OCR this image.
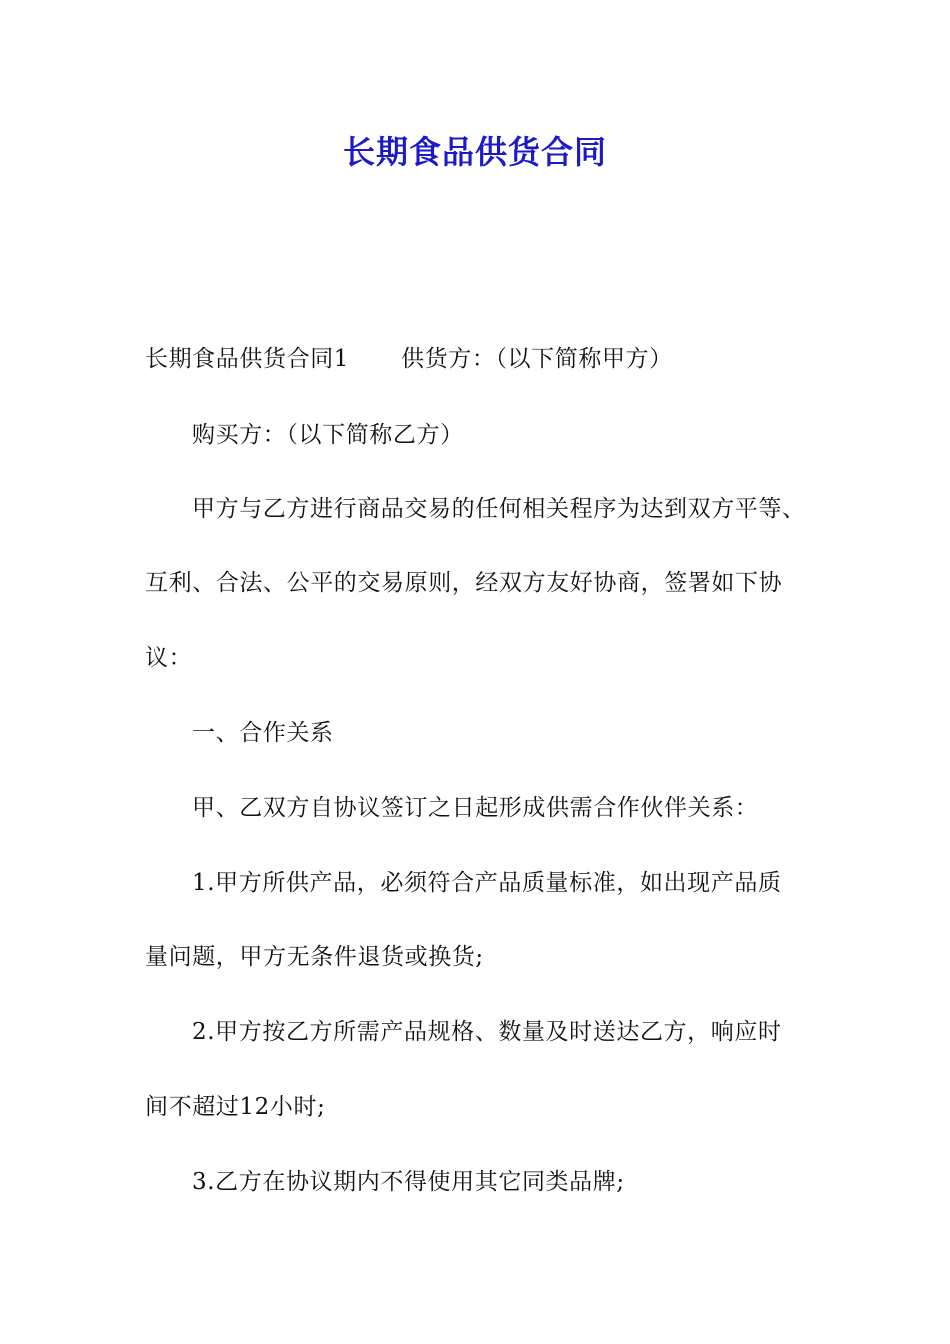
长期食品供货合同

长期食品供货合同1 供货方：（以下简称甲方）

购买方：（以下简称乙方）

甲方与乙方进行商品交易的任何相关程序为达到双方平等、

互利、合法、公平的交易原则，经双方友好协商，签署如下协

议：

一、合作关系

甲、乙双方自协议签订之日起形成供需合作伙伴关系：

1.甲方所供产品，必须符合产品质量标准，如出现产品质

量问题，甲方无条件退货或换货;

2.甲方按乙方所需产品规格、数量及时送达乙方，响应时

间不超过12小时;

3.乙方在协议期内不得使用其它同类品牌;
